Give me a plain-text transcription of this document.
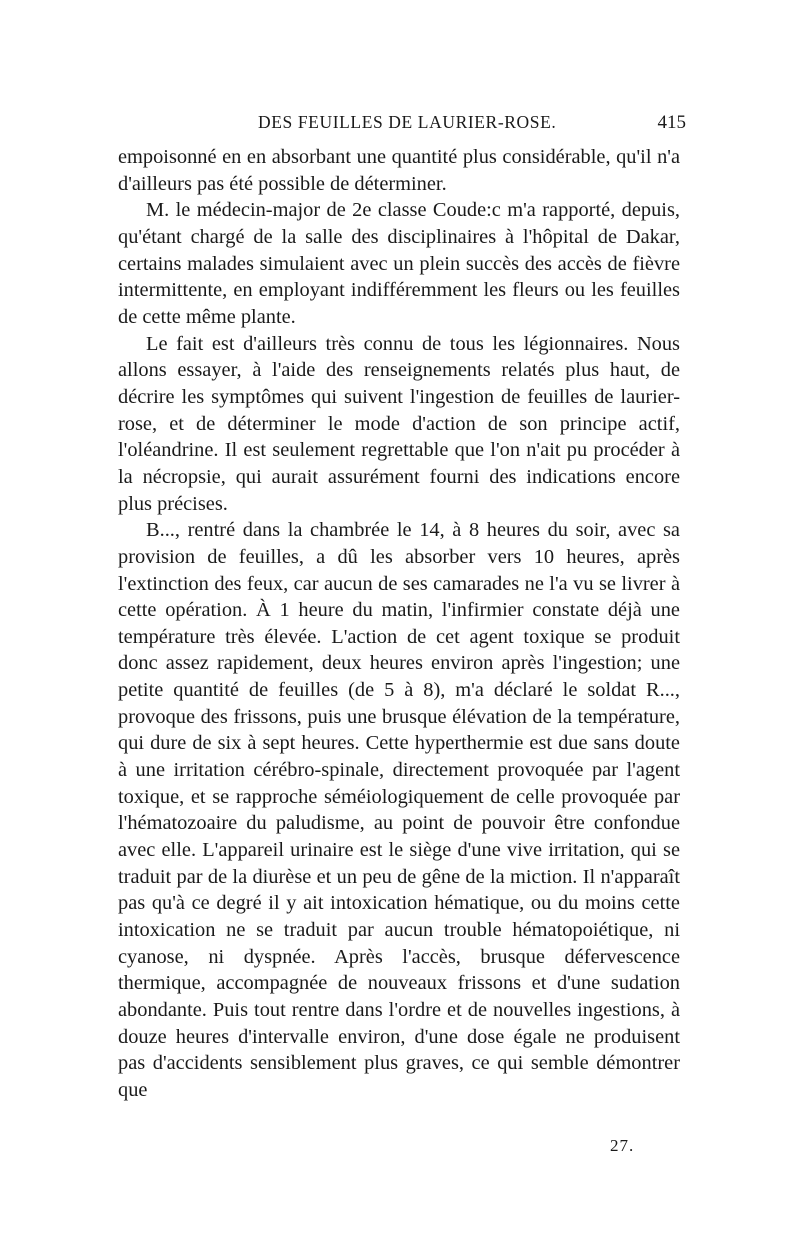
DES FEUILLES DE LAURIER-ROSE.	415

empoisonné en en absorbant une quantité plus considérable, qu'il n'a d'ailleurs pas été possible de déterminer.

M. le médecin-major de 2e classe Coude:c m'a rapporté, depuis, qu'étant chargé de la salle des disciplinaires à l'hôpital de Dakar, certains malades simulaient avec un plein succès des accès de fièvre intermittente, en employant indifféremment les fleurs ou les feuilles de cette même plante.

Le fait est d'ailleurs très connu de tous les légionnaires. Nous allons essayer, à l'aide des renseignements relatés plus haut, de décrire les symptômes qui suivent l'ingestion de feuilles de laurier-rose, et de déterminer le mode d'action de son principe actif, l'oléandrine. Il est seulement regrettable que l'on n'ait pu procéder à la nécropsie, qui aurait assurément fourni des indications encore plus précises.

B..., rentré dans la chambrée le 14, à 8 heures du soir, avec sa provision de feuilles, a dû les absorber vers 10 heures, après l'extinction des feux, car aucun de ses camarades ne l'a vu se livrer à cette opération. À 1 heure du matin, l'infirmier constate déjà une température très élevée. L'action de cet agent toxique se produit donc assez rapidement, deux heures environ après l'ingestion; une petite quantité de feuilles (de 5 à 8), m'a déclaré le soldat R..., provoque des frissons, puis une brusque élévation de la température, qui dure de six à sept heures. Cette hyperthermie est due sans doute à une irritation cérébro-spinale, directement provoquée par l'agent toxique, et se rapproche séméiologiquement de celle provoquée par l'hématozoaire du paludisme, au point de pouvoir être confondue avec elle. L'appareil urinaire est le siège d'une vive irritation, qui se traduit par de la diurèse et un peu de gêne de la miction. Il n'apparaît pas qu'à ce degré il y ait intoxication hématique, ou du moins cette intoxication ne se traduit par aucun trouble hématopoiétique, ni cyanose, ni dyspnée. Après l'accès, brusque défervescence thermique, accompagnée de nouveaux frissons et d'une sudation abondante. Puis tout rentre dans l'ordre et de nouvelles ingestions, à douze heures d'intervalle environ, d'une dose égale ne produisent pas d'accidents sensiblement plus graves, ce qui semble démontrer que

27.
